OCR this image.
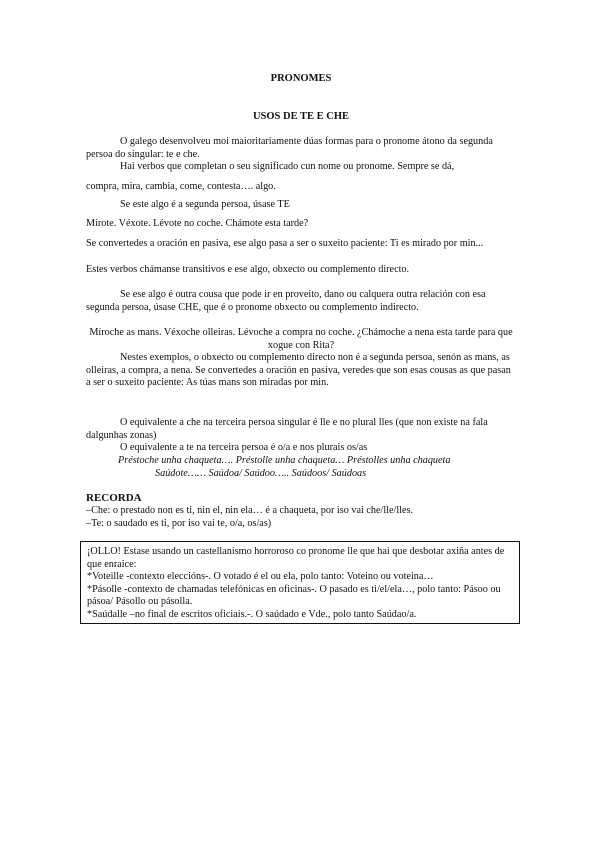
PRONOMES
USOS DE TE E CHE

O galego desenvolveu moi maioritariamente dúas formas para o pronome átono da segunda persoa do singular: te e che.

Hai verbos que completan o seu significado cun nome ou pronome. Sempre se dá,

compra, mira, cambia, come, contesta…. algo.

Se este algo é a segunda persoa, úsase TE

Mírote. Véxote. Lévote no coche. Chámote esta tarde?

Se convertedes a oración en pasiva, ese algo pasa a ser o suxeito paciente: Ti es mirado por min...

Estes verbos chámanse transitivos e ese algo, obxecto ou complemento directo.

Se ese algo é outra cousa que pode ir en proveito, dano ou calquera outra relación con esa segunda persoa, úsase CHE, que é o pronome obxecto ou complemento indirecto.

Míroche as mans. Véxoche olleiras. Lévoche a compra no coche. ¿Chámoche a nena esta tarde para que xogue con Rita?

Nestes exemplos, o obxecto ou complemento directo non é a segunda persoa, senón as mans, as olleiras, a compra, a nena. Se convertedes a oración en pasiva, veredes que son esas cousas as que pasan a ser o suxeito paciente: As túas mans son miradas por min.

O equivalente a che na terceira persoa singular é lle e no plural lles (que non existe na fala dalgunhas zonas)

O equivalente a te na terceira persoa é o/a e nos plurais os/as

Préstoche unha chaqueta…. Préstolle unha chaqueta… Préstolles unha chaqueta

Saúdote…… Saúdoa/ Saúdoo….. Saúdoos/ Saúdoas

RECORDA

–Che: o prestado non es ti, nin el, nin ela… é a chaqueta, por iso vai che/lle/lles.

–Te: o saudado es ti, por iso vai te, o/a, os/as)

¡OLLO! Estase usando un castellanismo horroroso co pronome lle que hai que desbotar axiña antes de que enraice:

*Voteille -contexto eleccións-. O votado é el ou ela, polo tanto: Voteino ou voteina…

*Pásolle -contexto de chamadas telefónicas en oficinas-. O pasado es ti/el/ela…, polo tanto: Pásoo ou pásoa/ Pásollo ou pásolla.

*Saúdalle –no final de escritos oficiais.-. O saúdado e Vde., polo tanto Saúdao/a.
